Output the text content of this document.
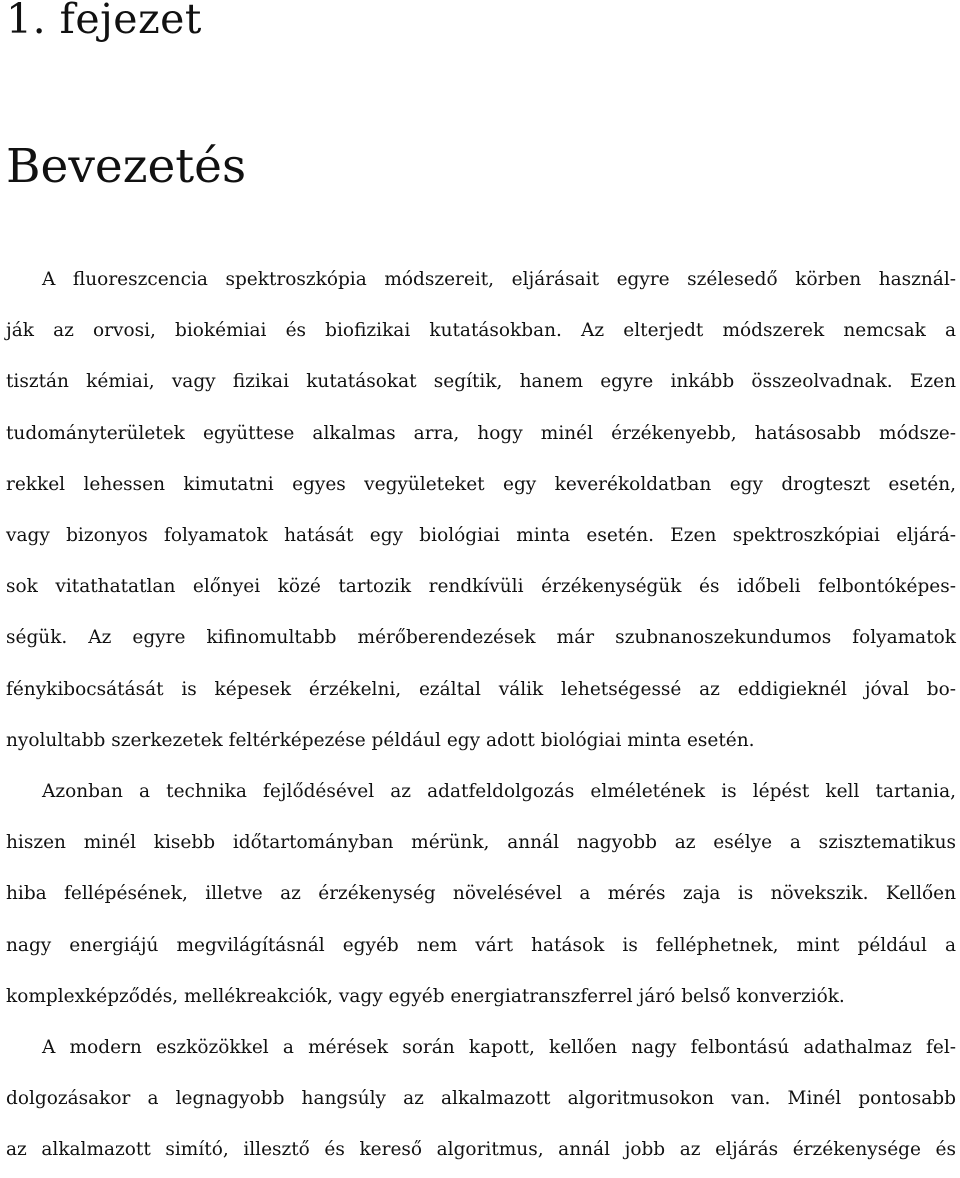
1. fejezet
Bevezetés
A fluoreszcencia spektroszkópia módszereit, eljárásait egyre szélesedő körben használ-
ják az orvosi, biokémiai és biofizikai kutatásokban. Az elterjedt módszerek nemcsak a
tisztán kémiai, vagy fizikai kutatásokat segítik, hanem egyre inkább összeolvadnak. Ezen
tudományterületek együttese alkalmas arra, hogy minél érzékenyebb, hatásosabb módsze-
rekkel lehessen kimutatni egyes vegyületeket egy keverékoldatban egy drogteszt esetén,
vagy bizonyos folyamatok hatását egy biológiai minta esetén. Ezen spektroszkópiai eljárá-
sok vitathatatlan előnyei közé tartozik rendkívüli érzékenységük és időbeli felbontóképes-
ségük. Az egyre kifinomultabb mérőberendezések már szubnanoszekundumos folyamatok
fénykibocsátását is képesek érzékelni, ezáltal válik lehetségessé az eddigieknél jóval bo-
nyolultabb szerkezetek feltérképezése például egy adott biológiai minta esetén.
Azonban a technika fejlődésével az adatfeldolgozás elméletének is lépést kell tartania,
hiszen minél kisebb időtartományban mérünk, annál nagyobb az esélye a szisztematikus
hiba fellépésének, illetve az érzékenység növelésével a mérés zaja is növekszik. Kellően
nagy energiájú megvilágításnál egyéb nem várt hatások is felléphetnek, mint például a
komplexképződés, mellékreakciók, vagy egyéb energiatranszferrel járó belső konverziók.
A modern eszközökkel a mérések során kapott, kellően nagy felbontású adathalmaz fel-
dolgozásakor a legnagyobb hangsúly az alkalmazott algoritmusokon van. Minél pontosabb
az alkalmazott simító, illesztő és kereső algoritmus, annál jobb az eljárás érzékenysége és
